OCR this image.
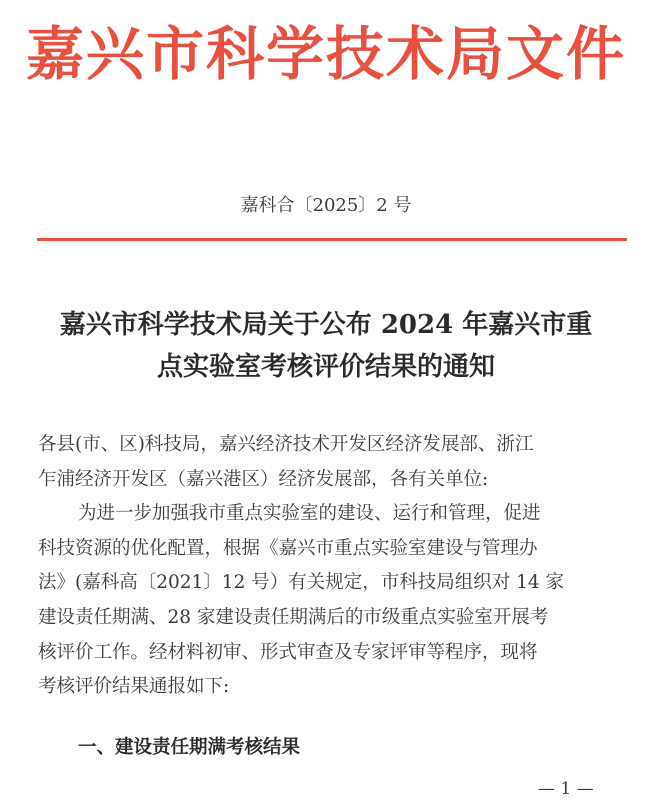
嘉兴市科学技术局文件
嘉科合〔2025〕2 号
嘉兴市科学技术局关于公布 2024 年嘉兴市重
点实验室考核评价结果的通知
各县(市、区)科技局，嘉兴经济技术开发区经济发展部、浙江
乍浦经济开发区（嘉兴港区）经济发展部，各有关单位:
为进一步加强我市重点实验室的建设、运行和管理，促进
科技资源的优化配置，根据《嘉兴市重点实验室建设与管理办
法》(嘉科高〔2021〕12 号）有关规定，市科技局组织对 14 家
建设责任期满、28 家建设责任期满后的市级重点实验室开展考
核评价工作。经材料初审、形式审查及专家评审等程序，现将
考核评价结果通报如下:
一、建设责任期满考核结果
— 1 —
